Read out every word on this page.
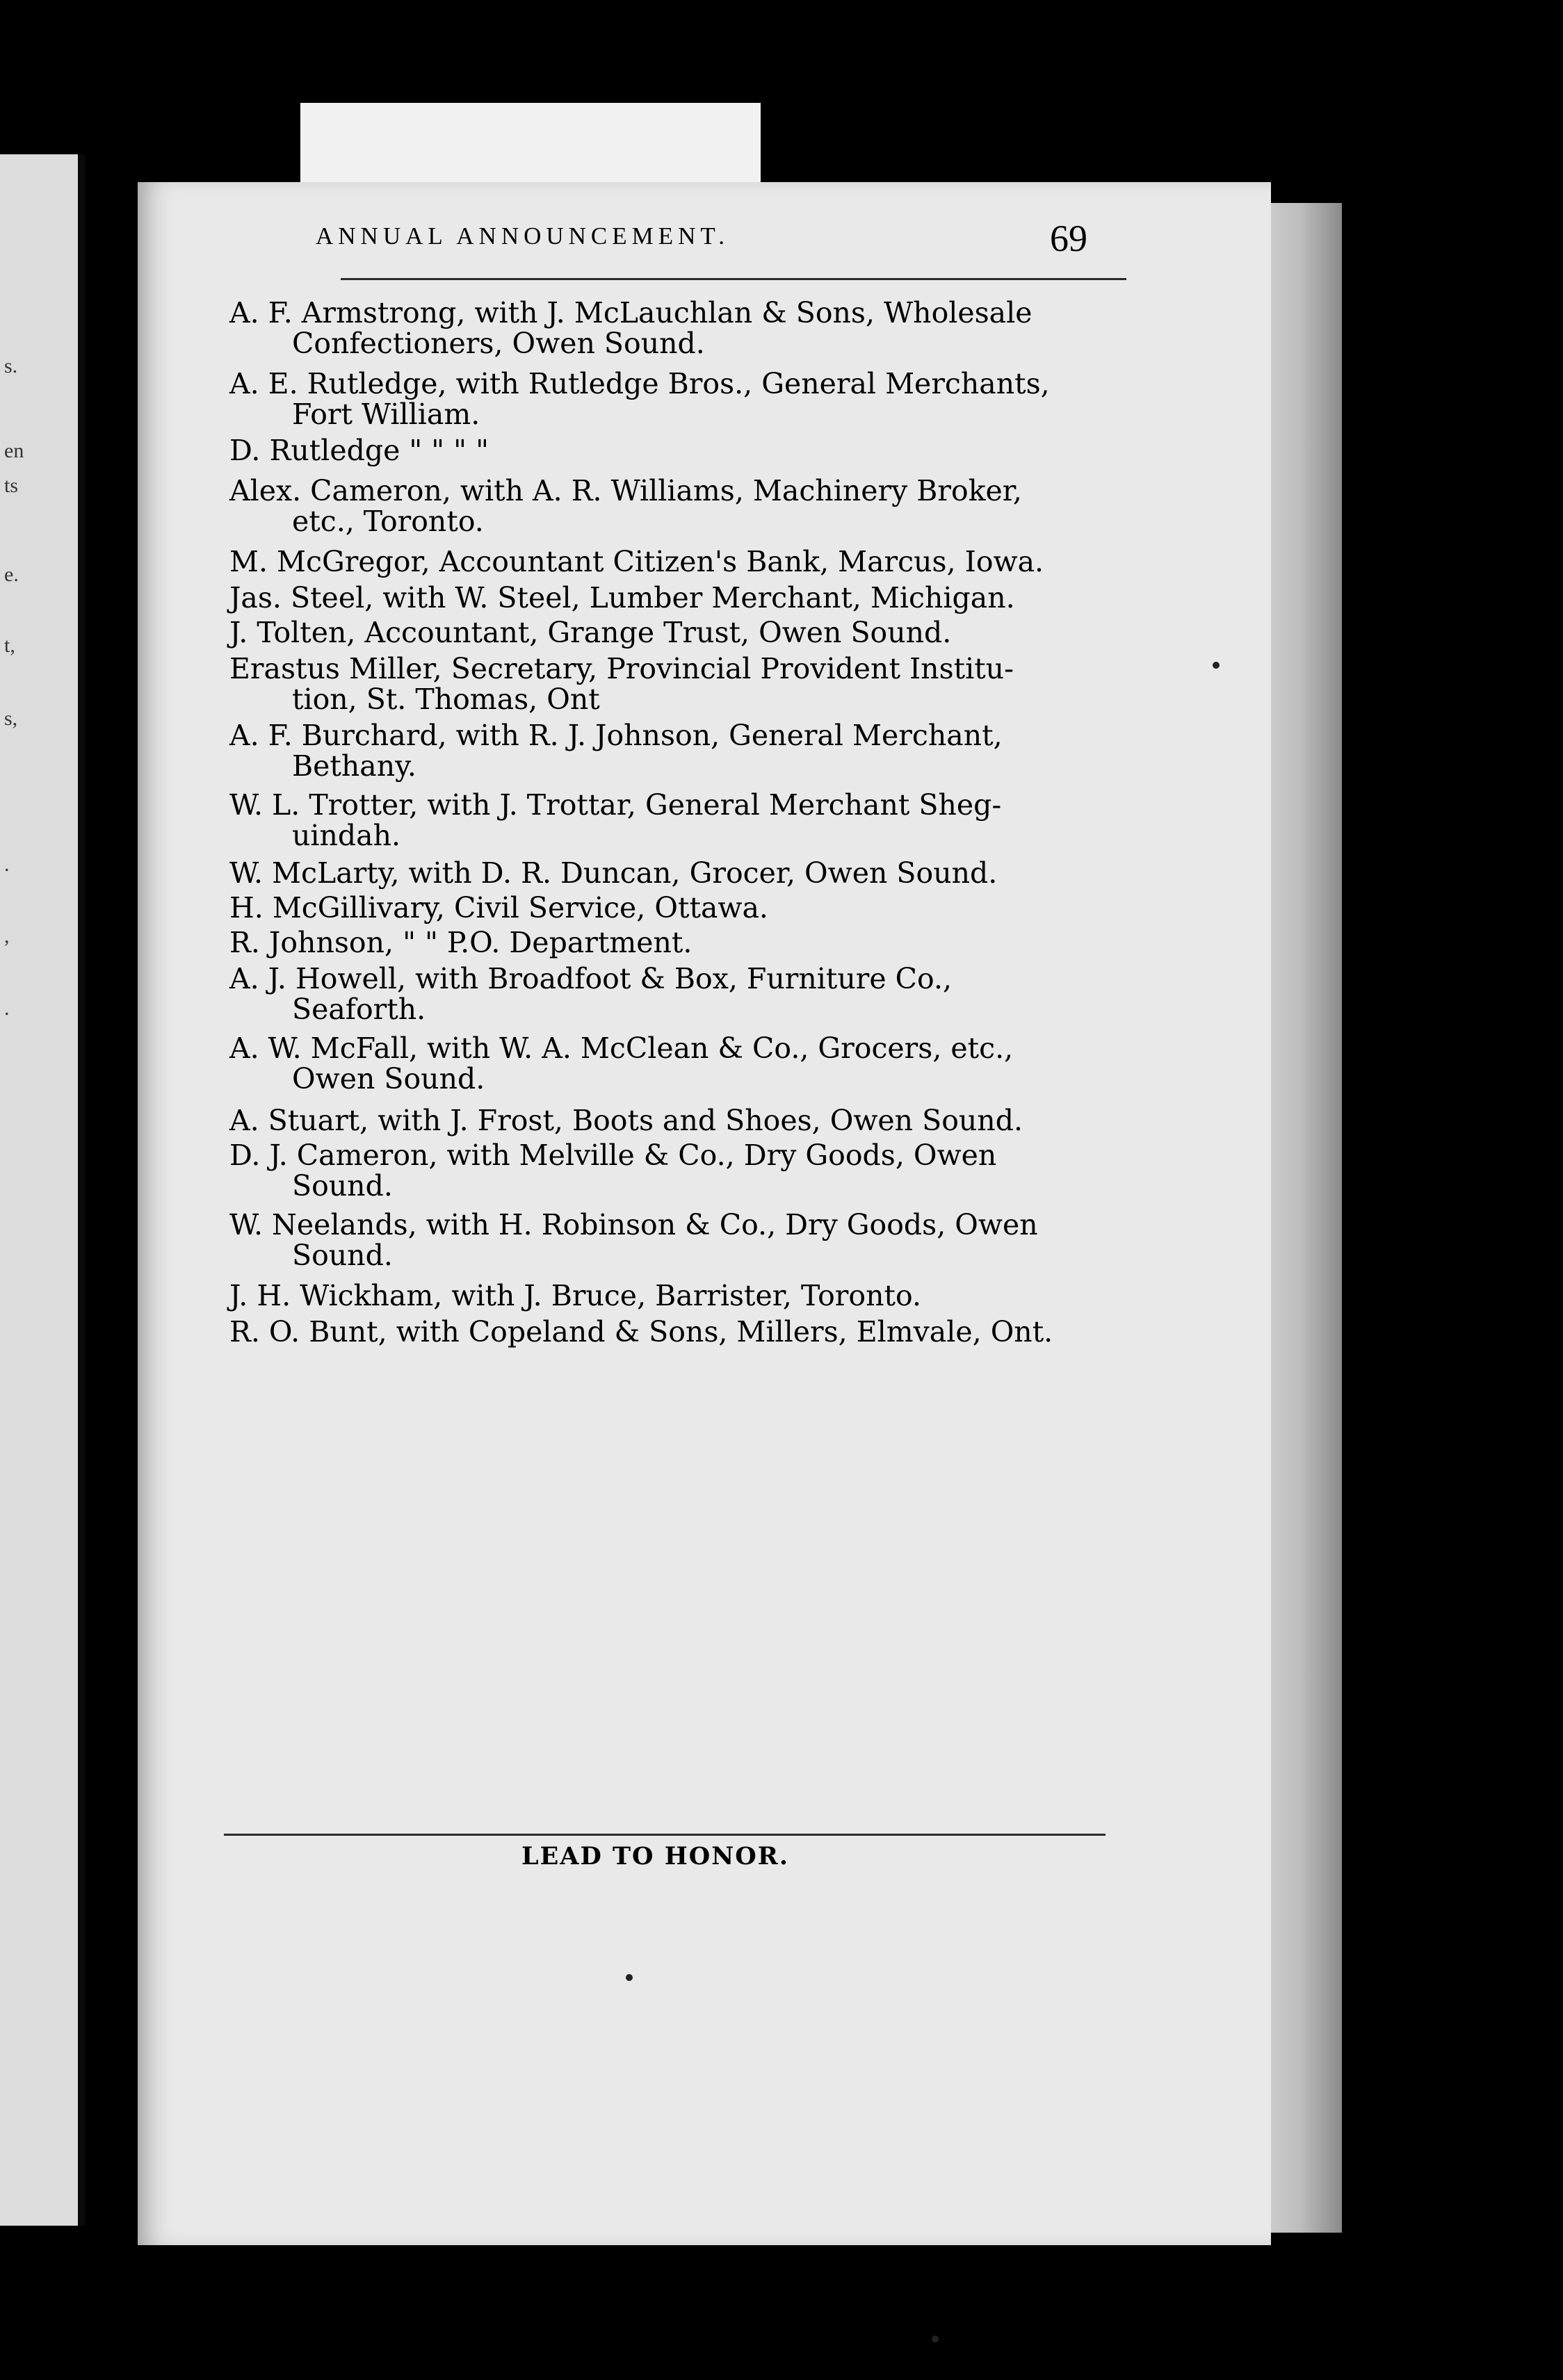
s.
en
ts
e.
t,
s,
.
,
.
ANNUAL ANNOUNCEMENT.	69
A. F. Armstrong, with J. McLauchlan & Sons, Wholesale
Confectioners, Owen Sound.
A. E. Rutledge, with Rutledge Bros., General Merchants,
Fort William.
D. Rutledge " " " "
Alex. Cameron, with A. R. Williams, Machinery Broker,
etc., Toronto.
M. McGregor, Accountant Citizen's Bank, Marcus, Iowa.
Jas. Steel, with W. Steel, Lumber Merchant, Michigan.
J. Tolten, Accountant, Grange Trust, Owen Sound.
Erastus Miller, Secretary, Provincial Provident Institu-
tion, St. Thomas, Ont
A. F. Burchard, with R. J. Johnson, General Merchant,
Bethany.
W. L. Trotter, with J. Trottar, General Merchant Sheg-
uindah.
W. McLarty, with D. R. Duncan, Grocer, Owen Sound.
H. McGillivary, Civil Service, Ottawa.
R. Johnson, " " P.O. Department.
A. J. Howell, with Broadfoot & Box, Furniture Co.,
Seaforth.
A. W. McFall, with W. A. McClean & Co., Grocers, etc.,
Owen Sound.
A. Stuart, with J. Frost, Boots and Shoes, Owen Sound.
D. J. Cameron, with Melville & Co., Dry Goods, Owen
Sound.
W. Neelands, with H. Robinson & Co., Dry Goods, Owen
Sound.
J. H. Wickham, with J. Bruce, Barrister, Toronto.
R. O. Bunt, with Copeland & Sons, Millers, Elmvale, Ont.
LEAD TO HONOR.
